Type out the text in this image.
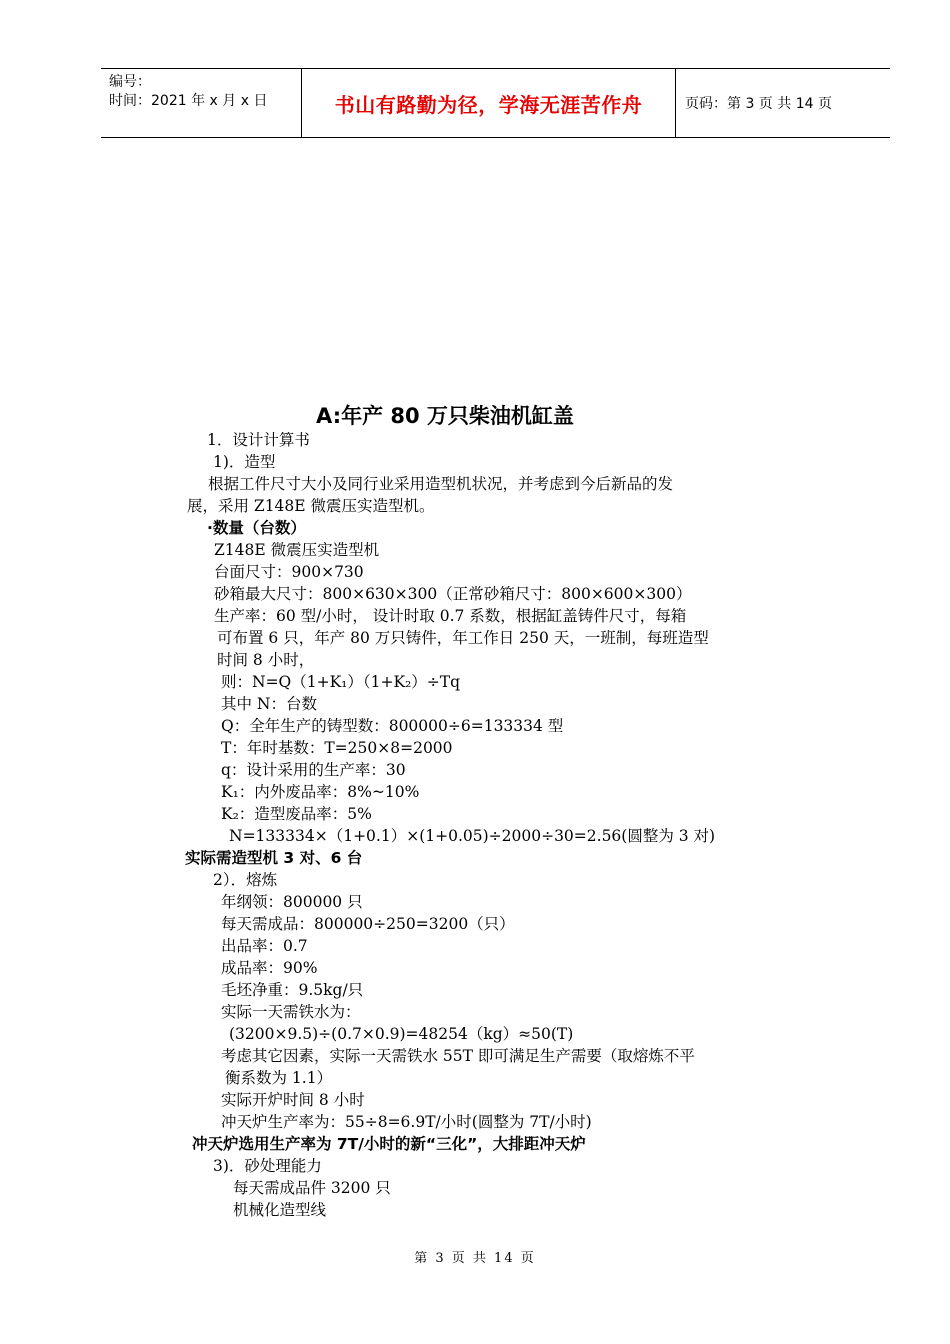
编号：
时间：2021 年 x 月 x 日	书山有路勤为径，学海无涯苦作舟	页码：第 3 页 共 14 页
A:年产 80 万只柴油机缸盖
1．设计计算书
1)．造型
根据工件尺寸大小及同行业采用造型机状况，并考虑到今后新品的发
展，采用 Z148E 微震压实造型机。
·数量（台数）
Z148E 微震压实造型机
台面尺寸：900×730
砂箱最大尺寸：800×630×300（正常砂箱尺寸：800×600×300）
生产率：60 型/小时， 设计时取 0.7 系数，根据缸盖铸件尺寸，每箱
可布置 6 只，年产 80 万只铸件，年工作日 250 天，一班制，每班造型
时间 8 小时，
则：N=Q（1+K₁）（1+K₂）÷Tq
其中 N：台数
Q：全年生产的铸型数：800000÷6=133334 型
T：年时基数：T=250×8=2000
q：设计采用的生产率：30
K₁：内外废品率：8%~10%
K₂：造型废品率：5%
N=133334×（1+0.1）×(1+0.05)÷2000÷30=2.56(圆整为 3 对)
实际需造型机 3 对、6 台
2）．熔炼
年纲领：800000 只
每天需成品：800000÷250=3200（只）
出品率：0.7
成品率：90%
毛坯净重：9.5kg/只
实际一天需铁水为：
(3200×9.5)÷(0.7×0.9)=48254（kg）≈50(T)
考虑其它因素，实际一天需铁水 55T 即可满足生产需要（取熔炼不平
衡系数为 1.1）
实际开炉时间 8 小时
冲天炉生产率为：55÷8=6.9T/小时(圆整为 7T/小时)
冲天炉选用生产率为 7T/小时的新“三化”，大排距冲天炉
3)．砂处理能力
每天需成品件 3200 只
机械化造型线
第 3 页 共 14 页
